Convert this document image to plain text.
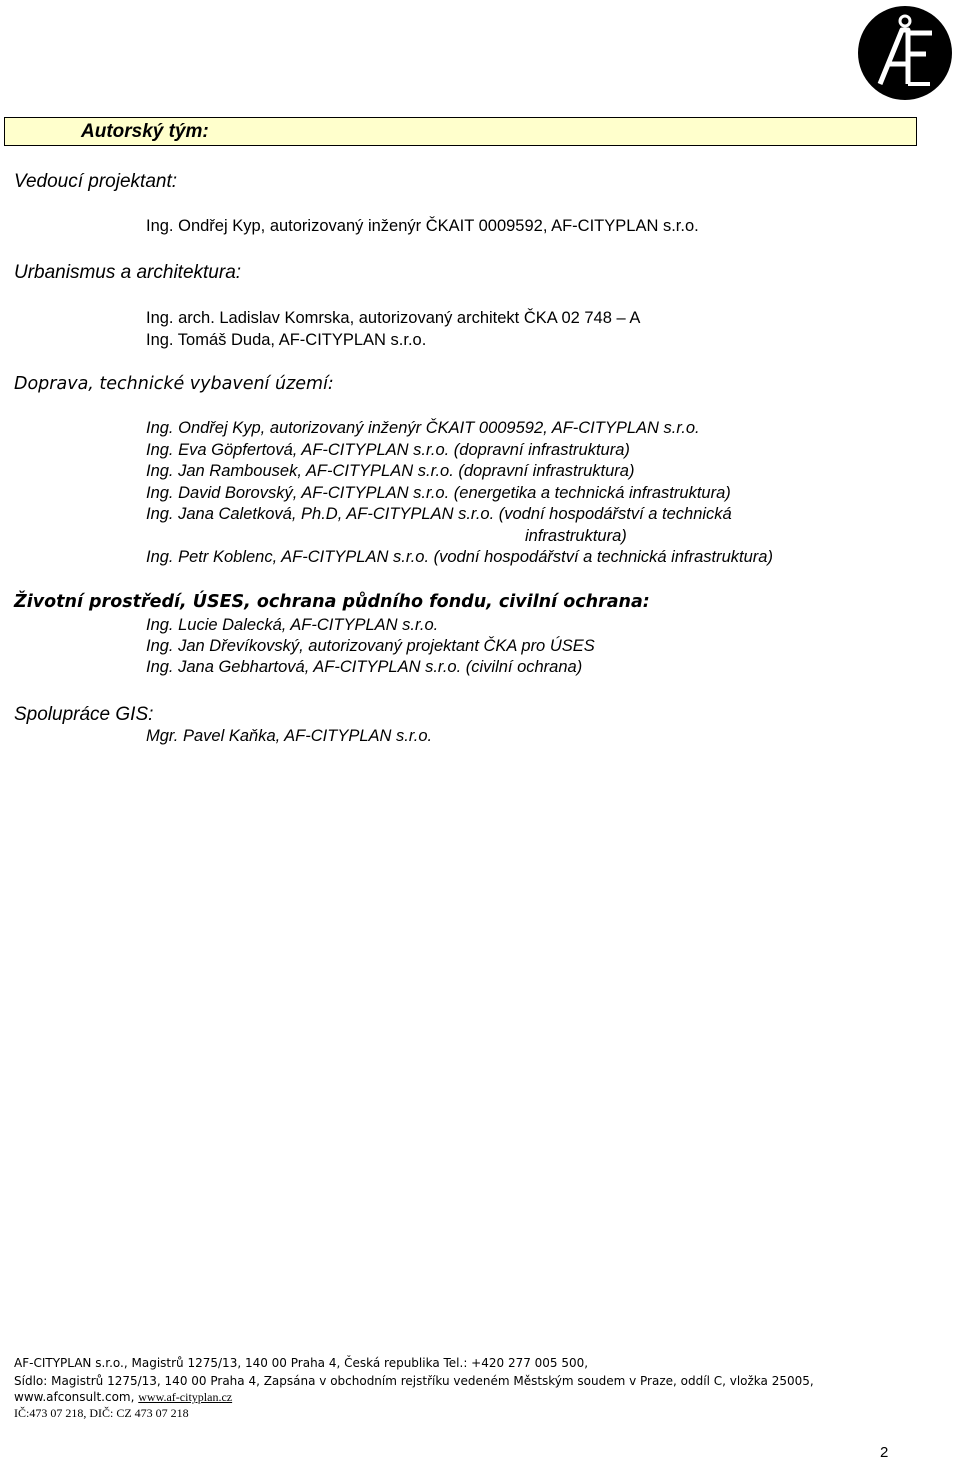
Autorský tým:
Vedoucí projektant:
Ing. Ondřej Kyp, autorizovaný inženýr ČKAIT 0009592, AF-CITYPLAN s.r.o.
Urbanismus a architektura:
Ing. arch. Ladislav Komrska, autorizovaný architekt ČKA 02 748 – A
Ing. Tomáš Duda, AF-CITYPLAN s.r.o.
Doprava, technické vybavení území:
Ing. Ondřej Kyp, autorizovaný inženýr ČKAIT 0009592, AF-CITYPLAN s.r.o.
Ing. Eva Göpfertová, AF-CITYPLAN s.r.o. (dopravní infrastruktura)
Ing. Jan Rambousek, AF-CITYPLAN s.r.o. (dopravní infrastruktura)
Ing. David Borovský, AF-CITYPLAN s.r.o. (energetika a technická infrastruktura)
Ing. Jana Caletková, Ph.D, AF-CITYPLAN s.r.o. (vodní hospodářství a technická
infrastruktura)
Ing. Petr Koblenc, AF-CITYPLAN s.r.o. (vodní hospodářství a technická infrastruktura)
Životní prostředí, ÚSES, ochrana půdního fondu, civilní ochrana:
Ing. Lucie Dalecká, AF-CITYPLAN s.r.o.
Ing. Jan Dřevíkovský, autorizovaný projektant ČKA pro ÚSES
Ing. Jana Gebhartová, AF-CITYPLAN s.r.o. (civilní ochrana)
Spolupráce GIS:
Mgr. Pavel Kaňka, AF-CITYPLAN s.r.o.
AF-CITYPLAN s.r.o., Magistrů 1275/13, 140 00 Praha 4, Česká republika Tel.: +420 277 005 500,
Sídlo: Magistrů 1275/13, 140 00 Praha 4, Zapsána v obchodním rejstříku vedeném Městským soudem v Praze, oddíl C, vložka 25005,
www.afconsult.com, www.af-cityplan.cz
IČ:473 07 218, DIČ: CZ 473 07 218
2
